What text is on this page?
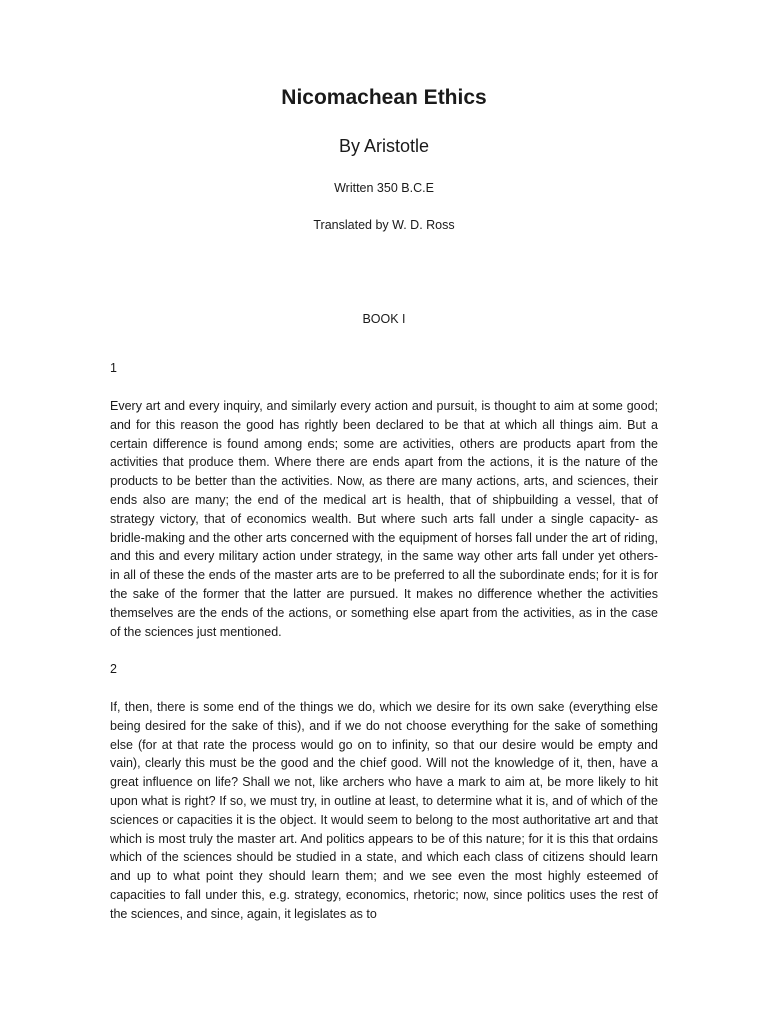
Nicomachean Ethics
By Aristotle
Written 350 B.C.E
Translated by W. D. Ross
BOOK I
1

Every art and every inquiry, and similarly every action and pursuit, is thought to aim at some good; and for this reason the good has rightly been declared to be that at which all things aim. But a certain difference is found among ends; some are activities, others are products apart from the activities that produce them. Where there are ends apart from the actions, it is the nature of the products to be better than the activities. Now, as there are many actions, arts, and sciences, their ends also are many; the end of the medical art is health, that of shipbuilding a vessel, that of strategy victory, that of economics wealth. But where such arts fall under a single capacity- as bridle-making and the other arts concerned with the equipment of horses fall under the art of riding, and this and every military action under strategy, in the same way other arts fall under yet others- in all of these the ends of the master arts are to be preferred to all the subordinate ends; for it is for the sake of the former that the latter are pursued. It makes no difference whether the activities themselves are the ends of the actions, or something else apart from the activities, as in the case of the sciences just mentioned.

2

If, then, there is some end of the things we do, which we desire for its own sake (everything else being desired for the sake of this), and if we do not choose everything for the sake of something else (for at that rate the process would go on to infinity, so that our desire would be empty and vain), clearly this must be the good and the chief good. Will not the knowledge of it, then, have a great influence on life? Shall we not, like archers who have a mark to aim at, be more likely to hit upon what is right? If so, we must try, in outline at least, to determine what it is, and of which of the sciences or capacities it is the object. It would seem to belong to the most authoritative art and that which is most truly the master art. And politics appears to be of this nature; for it is this that ordains which of the sciences should be studied in a state, and which each class of citizens should learn and up to what point they should learn them; and we see even the most highly esteemed of capacities to fall under this, e.g. strategy, economics, rhetoric; now, since politics uses the rest of the sciences, and since, again, it legislates as to
